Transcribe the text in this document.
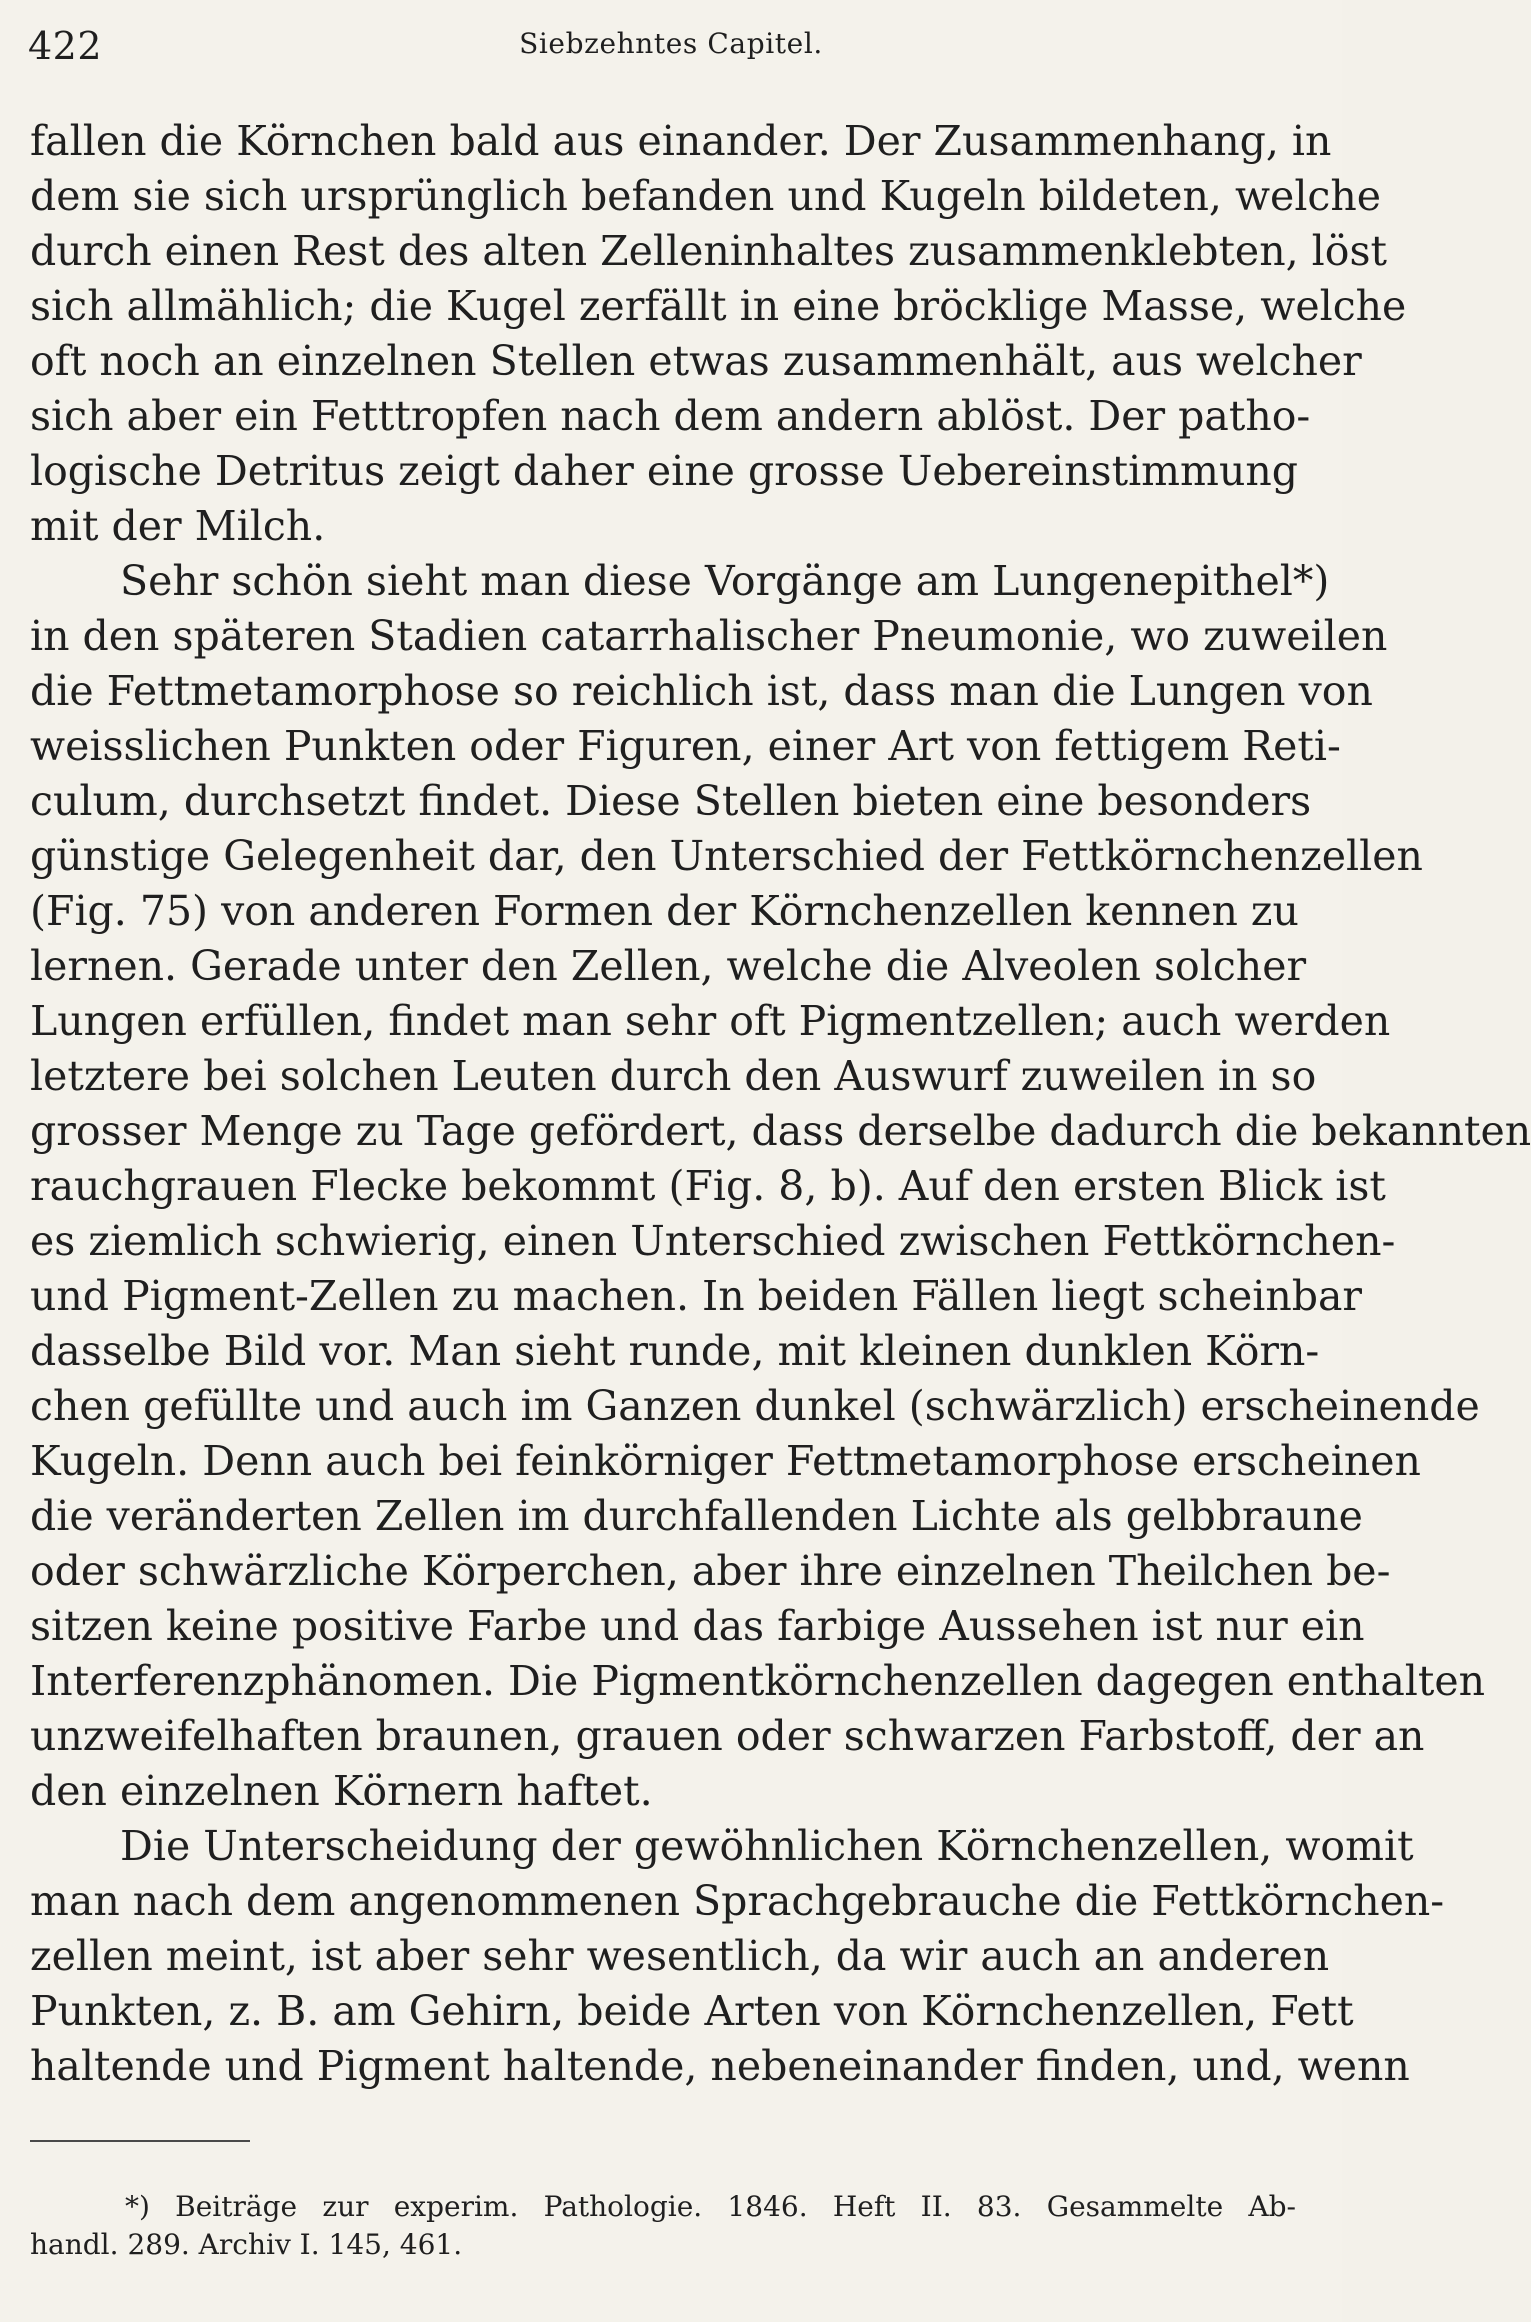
422	Siebzehntes Capitel.
fallen die Körnchen bald aus einander. Der Zusammenhang, in
dem sie sich ursprünglich befanden und Kugeln bildeten, welche
durch einen Rest des alten Zelleninhaltes zusammenklebten, löst
sich allmählich; die Kugel zerfällt in eine bröcklige Masse, welche
oft noch an einzelnen Stellen etwas zusammenhält, aus welcher
sich aber ein Fetttropfen nach dem andern ablöst. Der patho-
logische Detritus zeigt daher eine grosse Uebereinstimmung
mit der Milch.
Sehr schön sieht man diese Vorgänge am Lungenepithel*)
in den späteren Stadien catarrhalischer Pneumonie, wo zuweilen
die Fettmetamorphose so reichlich ist, dass man die Lungen von
weisslichen Punkten oder Figuren, einer Art von fettigem Reti-
culum, durchsetzt findet. Diese Stellen bieten eine besonders
günstige Gelegenheit dar, den Unterschied der Fettkörnchenzellen
(Fig. 75) von anderen Formen der Körnchenzellen kennen zu
lernen. Gerade unter den Zellen, welche die Alveolen solcher
Lungen erfüllen, findet man sehr oft Pigmentzellen; auch werden
letztere bei solchen Leuten durch den Auswurf zuweilen in so
grosser Menge zu Tage gefördert, dass derselbe dadurch die bekannten
rauchgrauen Flecke bekommt (Fig. 8, b). Auf den ersten Blick ist
es ziemlich schwierig, einen Unterschied zwischen Fettkörnchen-
und Pigment-Zellen zu machen. In beiden Fällen liegt scheinbar
dasselbe Bild vor. Man sieht runde, mit kleinen dunklen Körn-
chen gefüllte und auch im Ganzen dunkel (schwärzlich) erscheinende
Kugeln. Denn auch bei feinkörniger Fettmetamorphose erscheinen
die veränderten Zellen im durchfallenden Lichte als gelbbraune
oder schwärzliche Körperchen, aber ihre einzelnen Theilchen be-
sitzen keine positive Farbe und das farbige Aussehen ist nur ein
Interferenzphänomen. Die Pigmentkörnchenzellen dagegen enthalten
unzweifelhaften braunen, grauen oder schwarzen Farbstoff, der an
den einzelnen Körnern haftet.
Die Unterscheidung der gewöhnlichen Körnchenzellen, womit
man nach dem angenommenen Sprachgebrauche die Fettkörnchen-
zellen meint, ist aber sehr wesentlich, da wir auch an anderen
Punkten, z. B. am Gehirn, beide Arten von Körnchenzellen, Fett
haltende und Pigment haltende, nebeneinander finden, und, wenn
*) Beiträge zur experim. Pathologie. 1846. Heft II. 83. Gesammelte Ab-
handl. 289. Archiv I. 145, 461.
